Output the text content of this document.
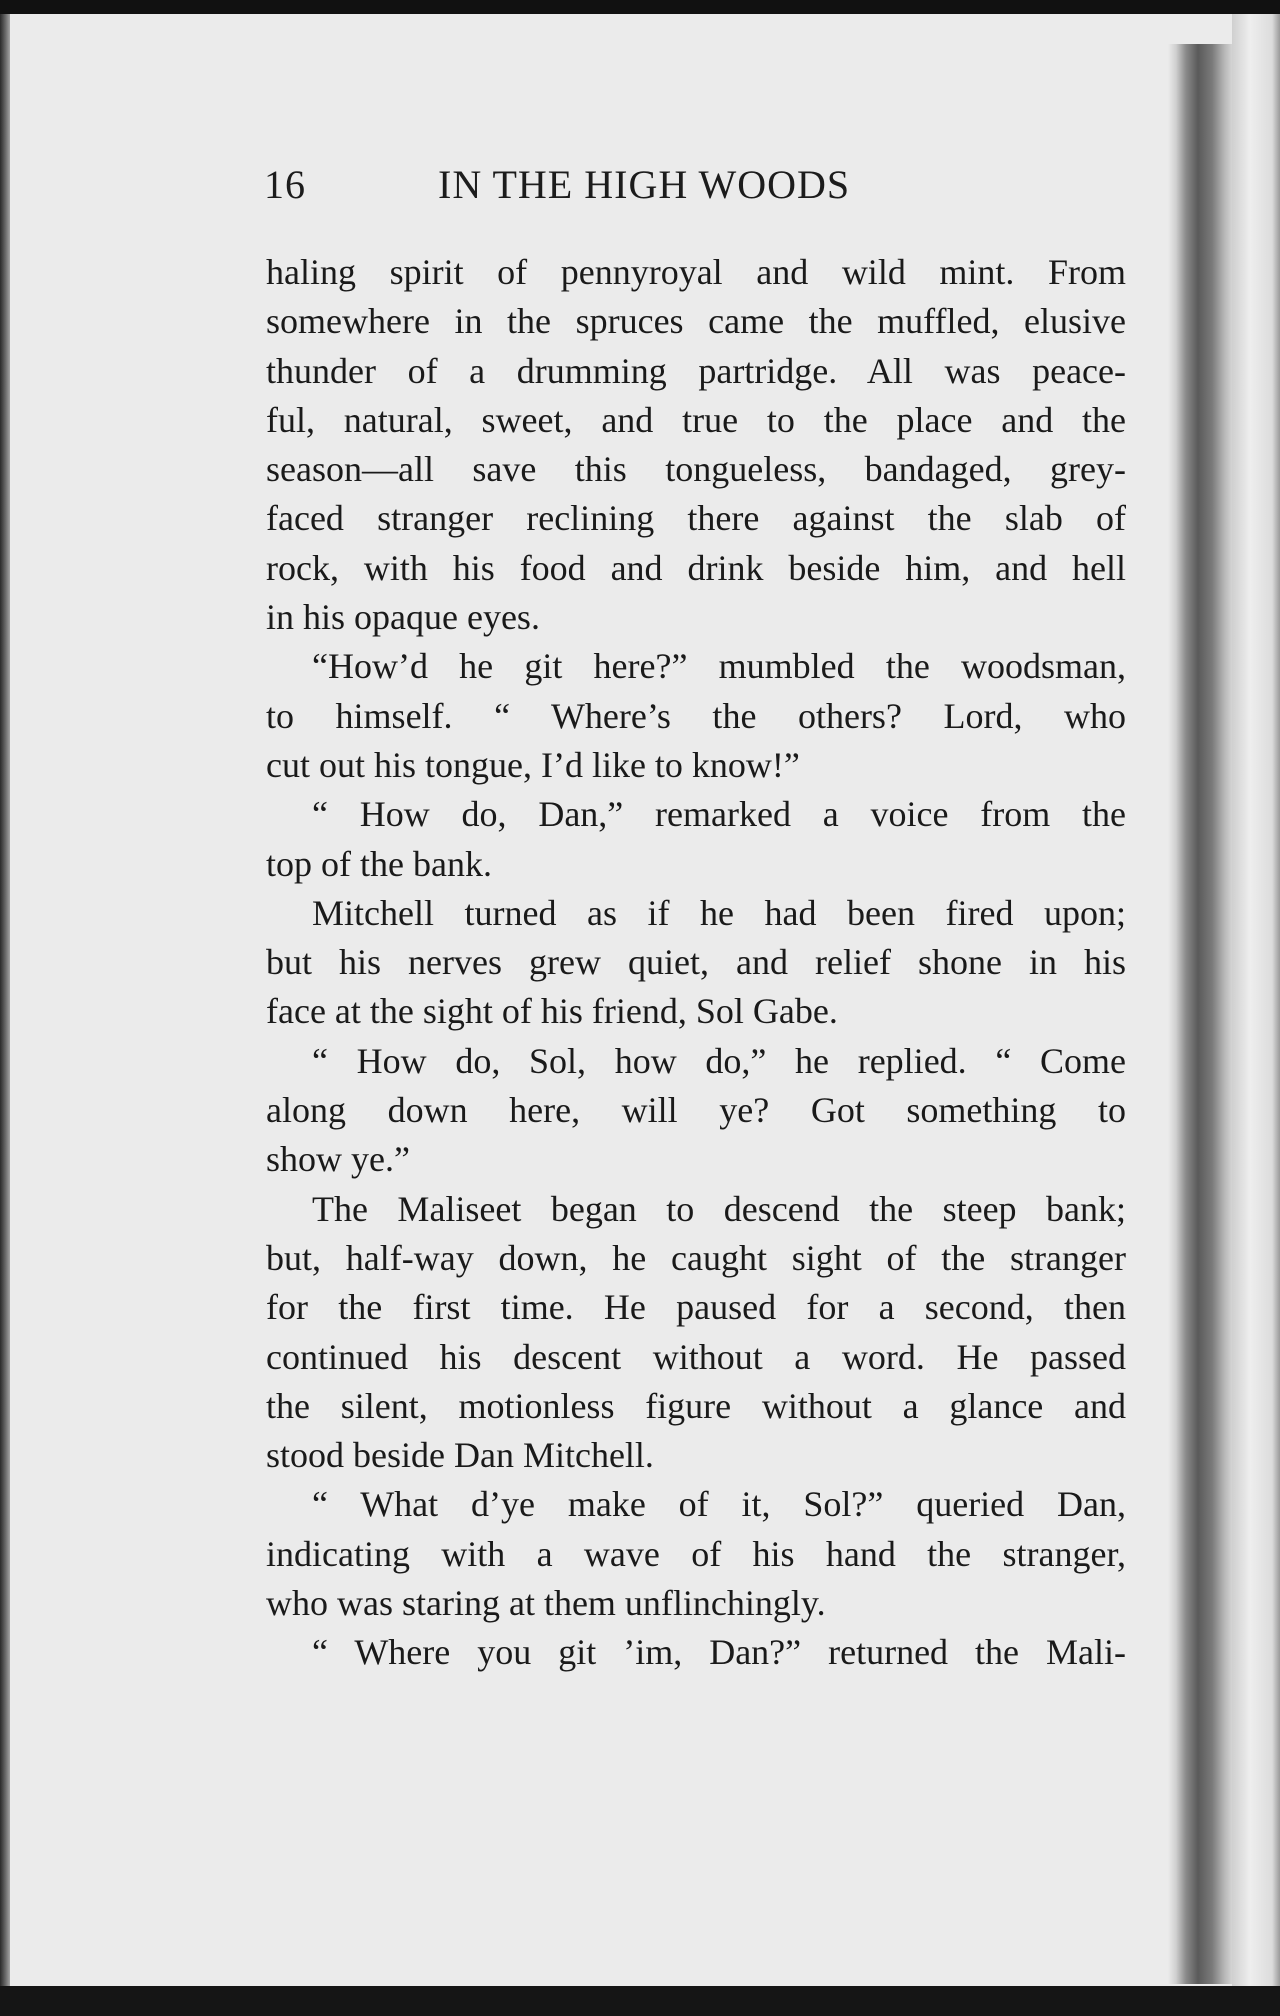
16	IN THE HIGH WOODS
haling spirit of pennyroyal and wild mint. From
somewhere in the spruces came the muffled, elusive
thunder of a drumming partridge. All was peace-
ful, natural, sweet, and true to the place and the
season—all save this tongueless, bandaged, grey-
faced stranger reclining there against the slab of
rock, with his food and drink beside him, and hell
in his opaque eyes.
“How’d he git here?” mumbled the woodsman,
to himself. “ Where’s the others? Lord, who
cut out his tongue, I’d like to know!”
“ How do, Dan,” remarked a voice from the
top of the bank.
Mitchell turned as if he had been fired upon;
but his nerves grew quiet, and relief shone in his
face at the sight of his friend, Sol Gabe.
“ How do, Sol, how do,” he replied. “ Come
along down here, will ye? Got something to
show ye.”
The Maliseet began to descend the steep bank;
but, half-way down, he caught sight of the stranger
for the first time. He paused for a second, then
continued his descent without a word. He passed
the silent, motionless figure without a glance and
stood beside Dan Mitchell.
“ What d’ye make of it, Sol?” queried Dan,
indicating with a wave of his hand the stranger,
who was staring at them unflinchingly.
“ Where you git ’im, Dan?” returned the Mali-
